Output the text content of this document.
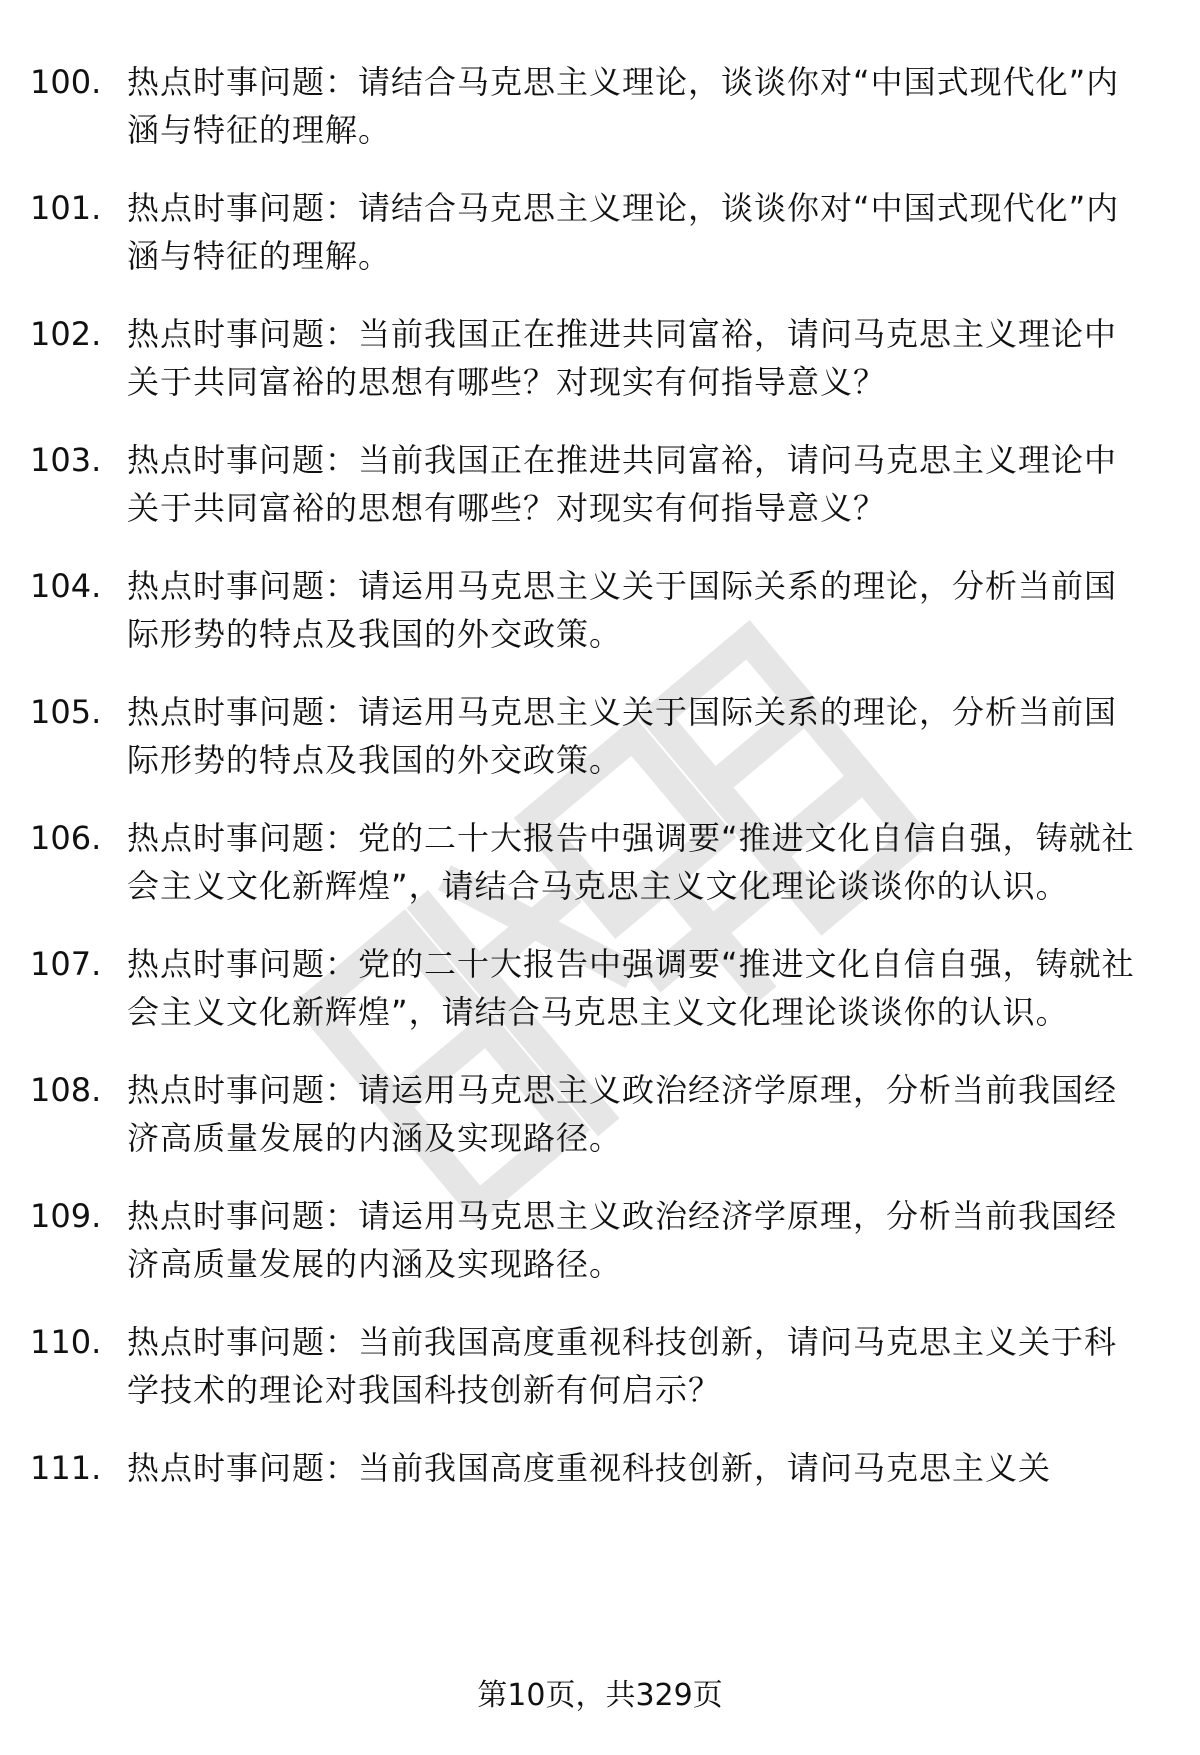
100. 热点时事问题：请结合马克思主义理论，谈谈你对“中国式现代化”内涵与特征的理解。
101. 热点时事问题：请结合马克思主义理论，谈谈你对“中国式现代化”内涵与特征的理解。
102. 热点时事问题：当前我国正在推进共同富裕，请问马克思主义理论中关于共同富裕的思想有哪些？对现实有何指导意义？
103. 热点时事问题：当前我国正在推进共同富裕，请问马克思主义理论中关于共同富裕的思想有哪些？对现实有何指导意义？
104. 热点时事问题：请运用马克思主义关于国际关系的理论，分析当前国际形势的特点及我国的外交政策。
105. 热点时事问题：请运用马克思主义关于国际关系的理论，分析当前国际形势的特点及我国的外交政策。
106. 热点时事问题：党的二十大报告中强调要“推进文化自信自强，铸就社会主义文化新辉煌”，请结合马克思主义文化理论谈谈你的认识。
107. 热点时事问题：党的二十大报告中强调要“推进文化自信自强，铸就社会主义文化新辉煌”，请结合马克思主义文化理论谈谈你的认识。
108. 热点时事问题：请运用马克思主义政治经济学原理，分析当前我国经济高质量发展的内涵及实现路径。
109. 热点时事问题：请运用马克思主义政治经济学原理，分析当前我国经济高质量发展的内涵及实现路径。
110. 热点时事问题：当前我国高度重视科技创新，请问马克思主义关于科学技术的理论对我国科技创新有何启示？
111. 热点时事问题：当前我国高度重视科技创新，请问马克思主义关
第10页，共329页
